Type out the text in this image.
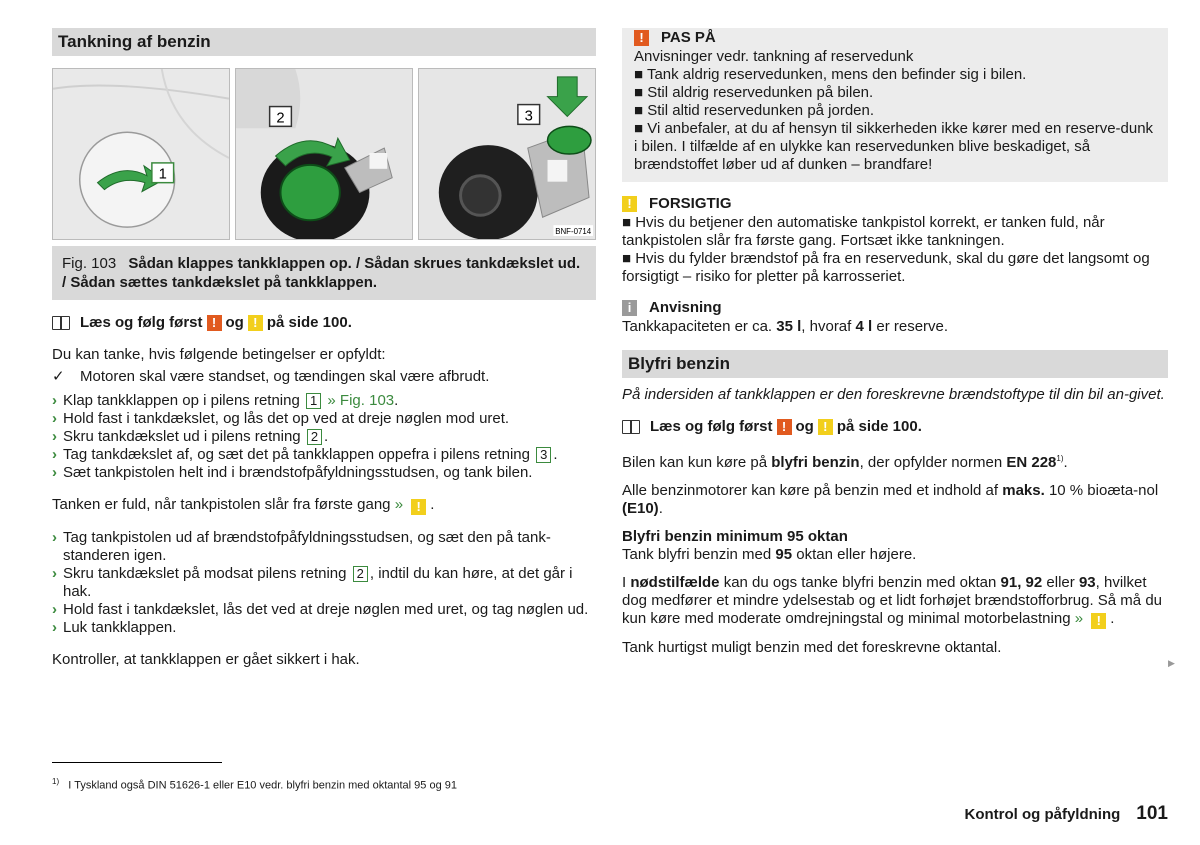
Tankning af benzin
1
2	3
BNF-0714
Fig. 103 Sådan klappes tankklappen op. / Sådan skrues tankdækslet ud. / Sådan sættes tankdækslet på tankklappen.
Læs og følg først ! og ! på side 100.

Du kan tanke, hvis følgende betingelser er opfyldt:

✓	Motoren skal være standset, og tændingen skal være afbrudt.
› Klap tankklappen op i pilens retning 1 » Fig. 103.
› Hold fast i tankdækslet, og lås det op ved at dreje nøglen mod uret.
› Skru tankdækslet ud i pilens retning 2 .
› Tag tankdækslet af, og sæt det på tankklappen oppefra i pilens retning 3 .
› Sæt tankpistolen helt ind i brændstofpåfyldningsstudsen, og tank bilen.

Tanken er fuld, når tankpistolen slår fra første gang » ! .

› Tag tankpistolen ud af brændstofpåfyldningsstudsen, og sæt den på tank-standeren igen.
› Skru tankdækslet på modsat pilens retning 2 , indtil du kan høre, at det går i hak.
› Hold fast i tankdækslet, lås det ved at dreje nøglen med uret, og tag nøglen ud.
› Luk tankklappen.

Kontroller, at tankklappen er gået sikkert i hak.

!	PAS PÅ

Anvisninger vedr. tankning af reservedunk

■ Tank aldrig reservedunken, mens den befinder sig i bilen.

■ Stil aldrig reservedunken på bilen.

■ Stil altid reservedunken på jorden.

■ Vi anbefaler, at du af hensyn til sikkerheden ikke kører med en reserve-dunk i bilen. I tilfælde af en ulykke kan reservedunken blive beskadiget, så brændstoffet løber ud af dunken – brandfare!

!	FORSIGTIG

■ Hvis du betjener den automatiske tankpistol korrekt, er tanken fuld, når tankpistolen slår fra første gang. Fortsæt ikke tankningen.

■ Hvis du fylder brændstof på fra en reservedunk, skal du gøre det langsomt og forsigtigt – risiko for pletter på karrosseriet.

i	Anvisning

Tankkapaciteten er ca. 35 l, hvoraf 4 l er reserve.

Blyfri benzin

På indersiden af tankklappen er den foreskrevne brændstoftype til din bil an-givet.

Læs og følg først ! og ! på side 100.

Bilen kan kun køre på blyfri benzin, der opfylder normen EN 228$^{1)}$.

Alle benzinmotorer kan køre på benzin med et indhold af maks. 10 % bioæta-nol (E10).

Blyfri benzin minimum 95 oktan

Tank blyfri benzin med 95 oktan eller højere.

I nødstilfælde kan du ogs tanke blyfri benzin med oktan 91, 92 eller 93, hvilket dog medfører et mindre ydelsestab og et lidt forhøjet brændstofforbrug. Så må du kun køre med moderate omdrejningstal og minimal motorbelastning » ! .

Tank hurtigst muligt benzin med det foreskrevne oktantal.

▶
$^{1)}$ I Tyskland også DIN 51626-1 eller E10 vedr. blyfri benzin med oktantal 95 og 91
Kontrol og påfyldning 101
